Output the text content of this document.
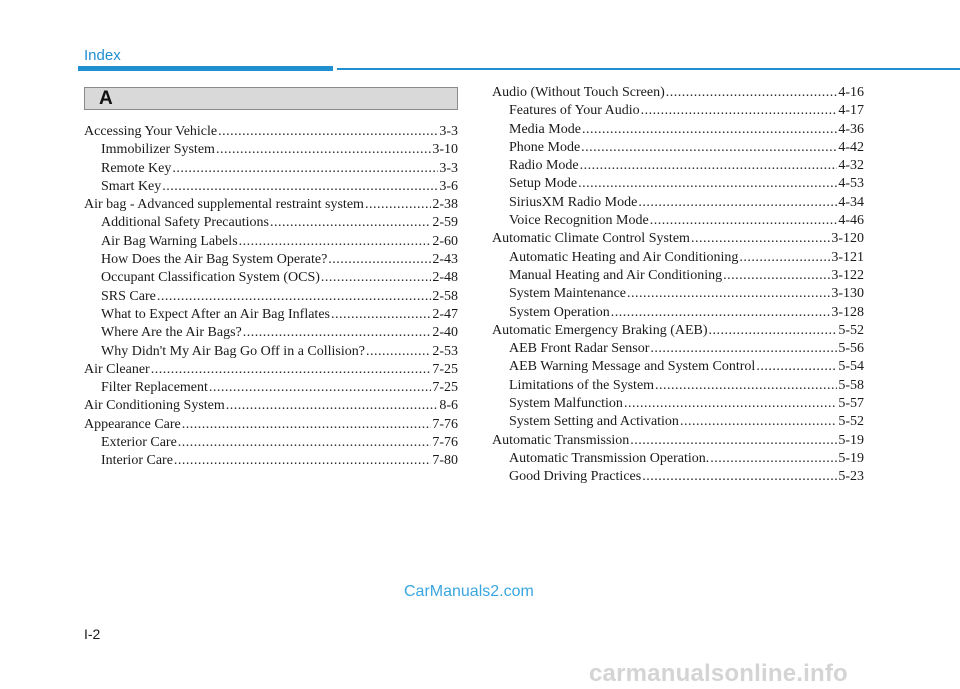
Index
A
Accessing Your Vehicle .....	3-3
Immobilizer System .....	3-10
Remote Key .....	3-3
Smart Key .....	3-6
Air bag - Advanced supplemental restraint system .....	2-38
Additional Safety Precautions .....	2-59
Air Bag Warning Labels .....	2-60
How Does the Air Bag System Operate? .....	2-43
Occupant Classification System (OCS) .....	2-48
SRS Care .....	2-58
What to Expect After an Air Bag Inflates .....	2-47
Where Are the Air Bags? .....	2-40
Why Didn't My Air Bag Go Off in a Collision? .....	2-53
Air Cleaner .....	7-25
Filter Replacement .....	7-25
Air Conditioning System .....	8-6
Appearance Care .....	7-76
Exterior Care .....	7-76
Interior Care .....	7-80
Audio (Without Touch Screen) .....	4-16
Features of Your Audio .....	4-17
Media Mode .....	4-36
Phone Mode .....	4-42
Radio Mode .....	4-32
Setup Mode .....	4-53
SiriusXM Radio Mode .....	4-34
Voice Recognition Mode .....	4-46
Automatic Climate Control System .....	3-120
Automatic Heating and Air Conditioning .....	3-121
Manual Heating and Air Conditioning .....	3-122
System Maintenance .....	3-130
System Operation .....	3-128
Automatic Emergency Braking (AEB) .....	5-52
AEB Front Radar Sensor .....	5-56
AEB Warning Message and System Control .....	5-54
Limitations of the System .....	5-58
System Malfunction .....	5-57
System Setting and Activation .....	5-52
Automatic Transmission .....	5-19
Automatic Transmission Operation. .....	5-19
Good Driving Practices .....	5-23
I-2
CarManuals2.com
carmanualsonline.info
